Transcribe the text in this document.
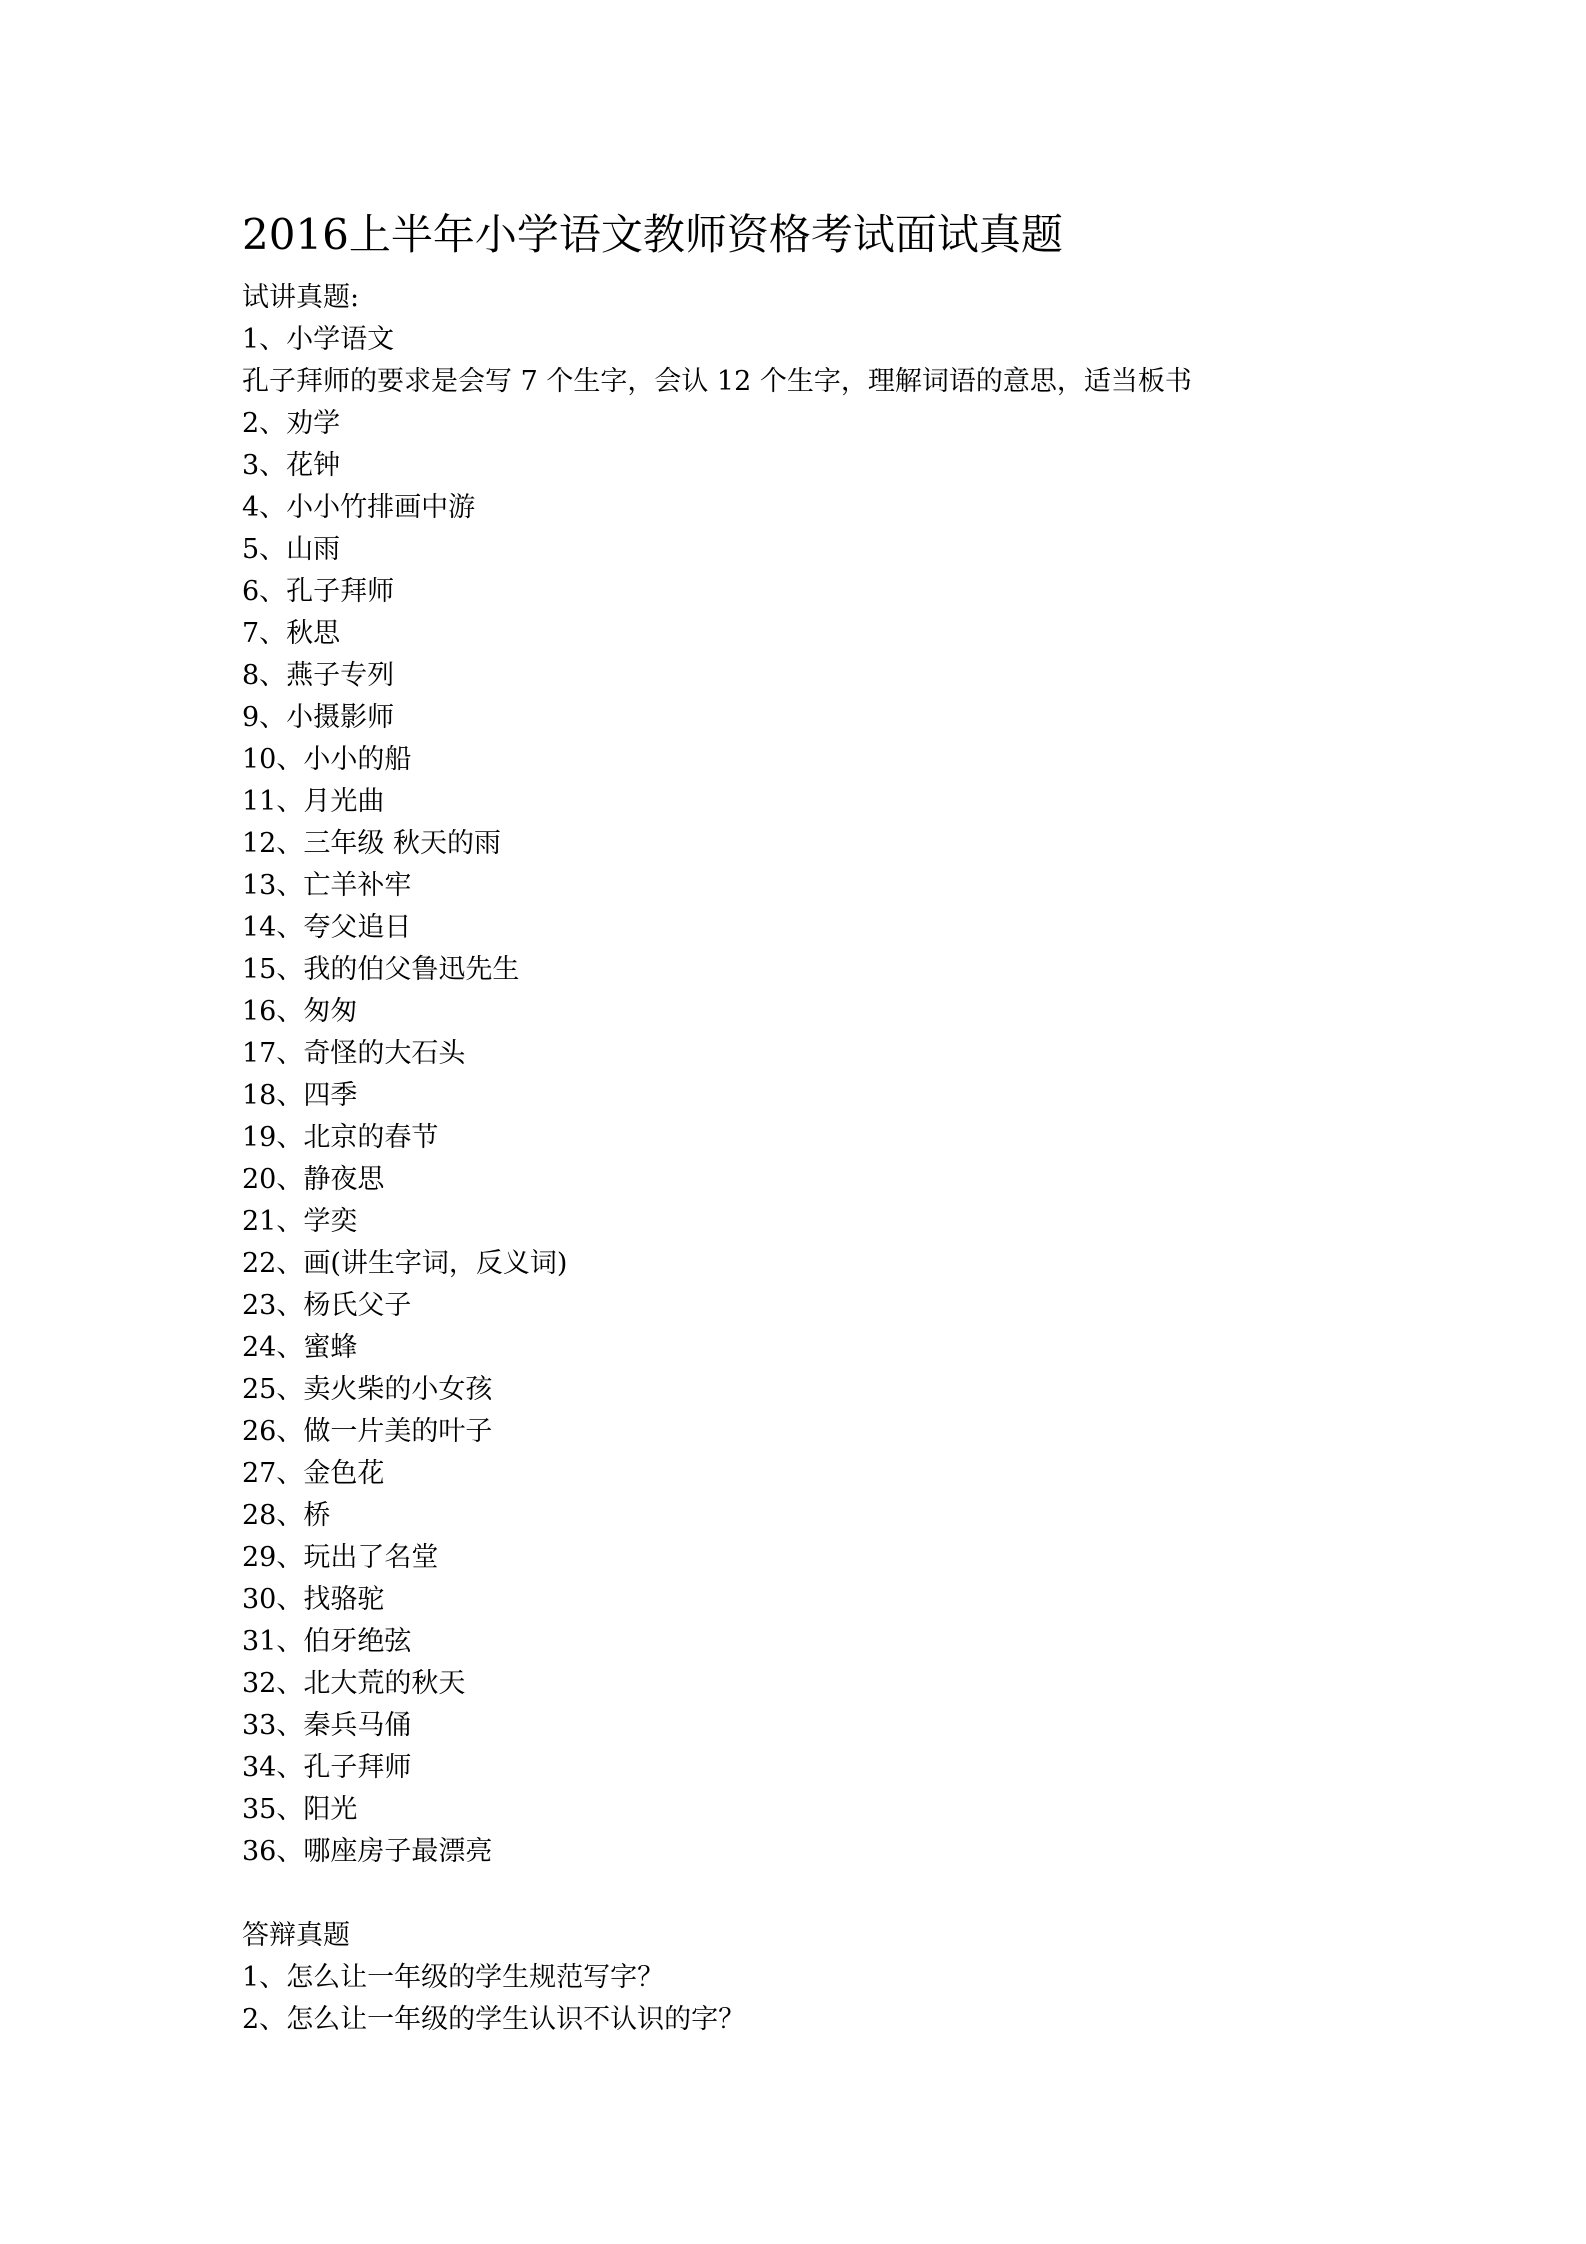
2016上半年小学语文教师资格考试面试真题
试讲真题:
1、小学语文
孔子拜师的要求是会写 7 个生字，会认 12 个生字，理解词语的意思，适当板书
2、劝学
3、花钟
4、小小竹排画中游
5、山雨
6、孔子拜师
7、秋思
8、燕子专列
9、小摄影师
10、小小的船
11、月光曲
12、三年级 秋天的雨
13、亡羊补牢
14、夸父追日
15、我的伯父鲁迅先生
16、匆匆
17、奇怪的大石头
18、四季
19、北京的春节
20、静夜思
21、学奕
22、画(讲生字词，反义词)
23、杨氏父子
24、蜜蜂
25、卖火柴的小女孩
26、做一片美的叶子
27、金色花
28、桥
29、玩出了名堂
30、找骆驼
31、伯牙绝弦
32、北大荒的秋天
33、秦兵马俑
34、孔子拜师
35、阳光
36、哪座房子最漂亮
答辩真题
1、怎么让一年级的学生规范写字？
2、怎么让一年级的学生认识不认识的字？
